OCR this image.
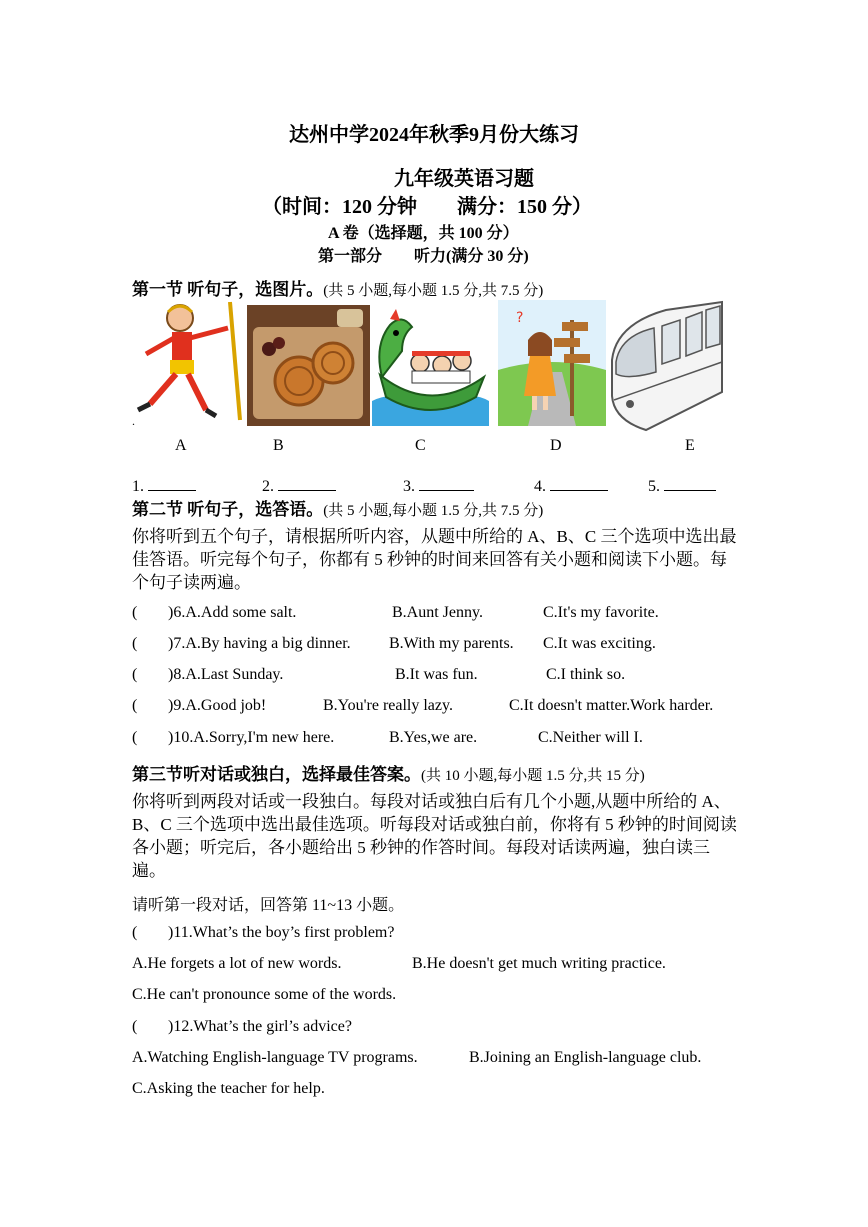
达州中学2024年秋季9月份大练习
九年级英语习题
（时间：120 分钟　　满分：150 分）
A 卷（选择题，共 100 分）
第一部分　　听力(满分 30 分)
第一节 听句子，选图片。(共 5 小题,每小题 1.5 分,共 7.5 分)
.
?
A	B	C	D	E
1.	2.	3.	4.	5.
第二节 听句子，选答语。(共 5 小题,每小题 1.5 分,共 7.5 分)
你将听到五个句子，请根据所听内容，从题中所给的 A、B、C 三个选项中选出最佳答语。听完每个句子，你都有 5 秒钟的时间来回答有关小题和阅读下小题。每个句子读两遍。
( )6.A.Add some salt.	B.Aunt Jenny.	C.It's my favorite.
( )7.A.By having a big dinner. B.With my parents. C.It was exciting.
( )8.A.Last Sunday.	B.It was fun.	C.I think so.
( )9.A.Good job!	B.You're really lazy.	C.It doesn't matter.Work harder.
( )10.A.Sorry,I'm new here.	B.Yes,we are.	C.Neither will I.
第三节听对话或独白，选择最佳答案。(共 10 小题,每小题 1.5 分,共 15 分)
你将听到两段对话或一段独白。每段对话或独白后有几个小题,从题中所给的 A、B、C 三个选项中选出最佳选项。听每段对话或独白前，你将有 5 秒钟的时间阅读各小题；听完后，各小题给出 5 秒钟的作答时间。每段对话读两遍，独白读三遍。
请听第一段对话，回答第 11~13 小题。
( )11.What’s the boy’s first problem?
A.He forgets a lot of new words.	B.He doesn't get much writing practice.
C.He can't pronounce some of the words.
( )12.What’s the girl’s advice?
A.Watching English-language TV programs.	B.Joining an English-language club.
C.Asking the teacher for help.
